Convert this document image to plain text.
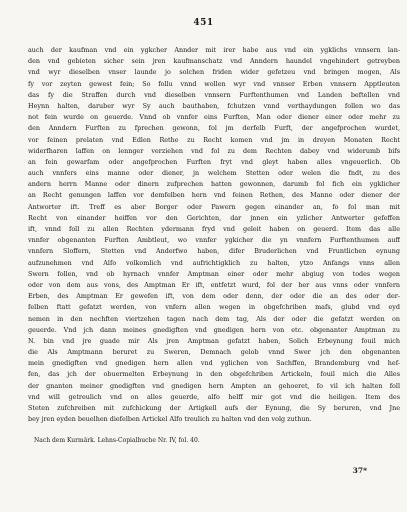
451
auch der kaufman vnd ein ygkcher Annder mit irer habe aus vnd ein ygklichs vnnsern lan-
den vnd gebieten sicher sein jren kaufmanschatz vnd Anndern haundel vngehindert getreyben
vnd wyr dieselben vnser launde jo solchen friden wider gefetzeu vnd bringen mogen, Als
fy vor zeyten gewest fein; So follu vnnd wollen wyr vnd vnnser Erben vnnsern Apptleuten
das fy die Straffen durch vnd dieselben vnnsern Furftenthumen vnd Landen beftellen vnd
Heynn halten, daruber wyr Sy auch bauthaben, fchutzen vnnd verthaydungen follen wo das
not fein wurde on geuerde. Vnnd ob vnnfer eins Furften, Man oder diener einer oder mehr zu
den Anndern Furften zu fprechen gewonn, fol jm derfelb Furft, der angefprochen wurdet,
vor feinen prelaten vnd Edlen Rethe zu Recht komen vnd jm in dreyen Monaten Recht
widerfharen laffen on lennger verziehen vnd fol zu dem Rechten dabey vnd widerumb bifs
an fein gewarfam oder angefprochen Furften fryt vnd gleyt haben alles vngeuerlich. Ob
auch vnnfers eins manne oder diener, jn welchem Stetten oder welen die fndt, zu des
andern herrn Manne oder dinern zufprechen hatten gewonnen, darumb fol fich ein ygklicher
an Recht genungen laffen vor demfelben hern vnd feinen Rethen, des Manne oder diener der
Antworter ift. Treff es aber Borger oder Pawern gegen einander an, fo fol man mit
Recht von einander heiffen vor den Gerichten, dar jnnen ein yzlicher Antwerter gefeffen
ift, vnnd foll zu allen Rechten ydermann fryd vnd geleit haben on geuerd. Item das alle
vnnfer obgenanten Furften Ambtleut, wo vnnfer ygkicher die yn vnnfern Furftenthumen auff
vnnfern Sloffern, Stetten vnd Anderfwo haben, difer Bruderlichen vnd Fruntlichen eynung
aufzunehmen vnd Alfo volkomlich vnd aufrichtigklich zu halten, ytzo Anfangs vnns allen
Swern follen, vnd ob hyrnach vnnfer Amptman einer oder mehr abgiug von todes wegen
oder von dem aus vons, des Amptman Er ift, entfetzt wurd, fol der her aus vnns oder vnnfern
Erben, des Amptman Er gewefen ift, von dem oder denn, der oder die an des oder der-
felben ftatt gefatzt werden, von vnfern allen wegen in obgefchriben mafs, glubd vnd eyd
nemen in den nechften viertzehen tagen nach dem tag, Als der oder die gefatzt werden on
geuerde. Vnd jch dann meines gnedigften vnd gnedigen hern von etc. obgenanter Amptman zu
N. bin vnd jre guade mir Als jren Amptman gefatzt haben, Solich Erbeynung fouil mich
die Als Amptmann beruret zu Sweren, Demnach gelob vnnd Swer jch den obgenanten
mein gnedigften vnd gnedigen hern allen vnd yglichen von Sachffen, Brandemburg vnd hef-
fen, das jch der obuermelten Erbeynung in den obgefchriben Artickeln, fouil mich die Alles
der gnanten meiner gnedigften vnd gnedigen hern Ampten an gehoeret, fo vil ich halten foll
vnd will getreulich vnd on alles geuerde, alfo helff mir got vnd die heiligen. Item des
Steten zufchreiben mit zufchickung der Artigkell aufs der Eynung, die Sy beruren, vnd Jne
bey jren eyden beuelhen diefelben Artickel Alfo treulich zu halten vnd den volg zuthun.
Nach dem Kurmärk. Lehns-Copialbuche Nr. IV, fol. 40.
37*
